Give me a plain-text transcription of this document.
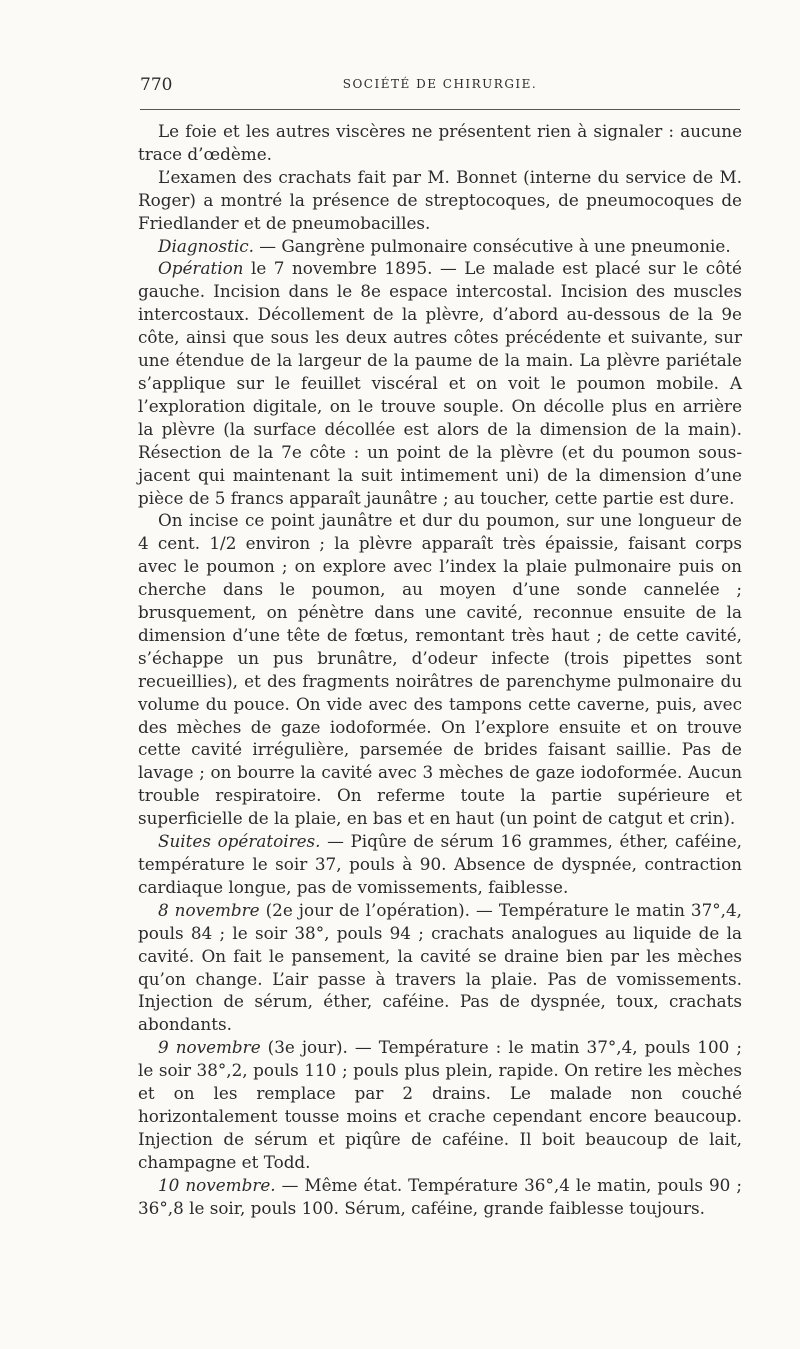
770	SOCIÉTÉ DE CHIRURGIE.

Le foie et les autres viscères ne présentent rien à signaler : aucune trace d’œdème.

L’examen des crachats fait par M. Bonnet (interne du service de M. Roger) a montré la présence de streptocoques, de pneumocoques de Friedlander et de pneumobacilles.

Diagnostic. — Gangrène pulmonaire consécutive à une pneumonie.

Opération le 7 novembre 1895. — Le malade est placé sur le côté gauche. Incision dans le 8e espace intercostal. Incision des muscles intercostaux. Décollement de la plèvre, d’abord au-dessous de la 9e côte, ainsi que sous les deux autres côtes précédente et suivante, sur une étendue de la largeur de la paume de la main. La plèvre pariétale s’applique sur le feuillet viscéral et on voit le poumon mobile. A l’exploration digitale, on le trouve souple. On décolle plus en arrière la plèvre (la surface décollée est alors de la dimension de la main). Résection de la 7e côte : un point de la plèvre (et du poumon sous-jacent qui maintenant la suit intimement uni) de la dimension d’une pièce de 5 francs apparaît jaunâtre ; au toucher, cette partie est dure.

On incise ce point jaunâtre et dur du poumon, sur une longueur de 4 cent. 1/2 environ ; la plèvre apparaît très épaissie, faisant corps avec le poumon ; on explore avec l’index la plaie pulmonaire puis on cherche dans le poumon, au moyen d’une sonde cannelée ; brusquement, on pénètre dans une cavité, reconnue ensuite de la dimension d’une tête de fœtus, remontant très haut ; de cette cavité, s’échappe un pus brunâtre, d’odeur infecte (trois pipettes sont recueillies), et des fragments noirâtres de parenchyme pulmonaire du volume du pouce. On vide avec des tampons cette caverne, puis, avec des mèches de gaze iodoformée. On l’explore ensuite et on trouve cette cavité irrégulière, parsemée de brides faisant saillie. Pas de lavage ; on bourre la cavité avec 3 mèches de gaze iodoformée. Aucun trouble respiratoire. On referme toute la partie supérieure et superficielle de la plaie, en bas et en haut (un point de catgut et crin).

Suites opératoires. — Piqûre de sérum 16 grammes, éther, caféine, température le soir 37, pouls à 90. Absence de dyspnée, contraction cardiaque longue, pas de vomissements, faiblesse.

8 novembre (2e jour de l’opération). — Température le matin 37°,4, pouls 84 ; le soir 38°, pouls 94 ; crachats analogues au liquide de la cavité. On fait le pansement, la cavité se draine bien par les mèches qu’on change. L’air passe à travers la plaie. Pas de vomissements. Injection de sérum, éther, caféine. Pas de dyspnée, toux, crachats abondants.

9 novembre (3e jour). — Température : le matin 37°,4, pouls 100 ; le soir 38°,2, pouls 110 ; pouls plus plein, rapide. On retire les mèches et on les remplace par 2 drains. Le malade non couché horizontalement tousse moins et crache cependant encore beaucoup. Injection de sérum et piqûre de caféine. Il boit beaucoup de lait, champagne et Todd.

10 novembre. — Même état. Température 36°,4 le matin, pouls 90 ; 36°,8 le soir, pouls 100. Sérum, caféine, grande faiblesse toujours.
